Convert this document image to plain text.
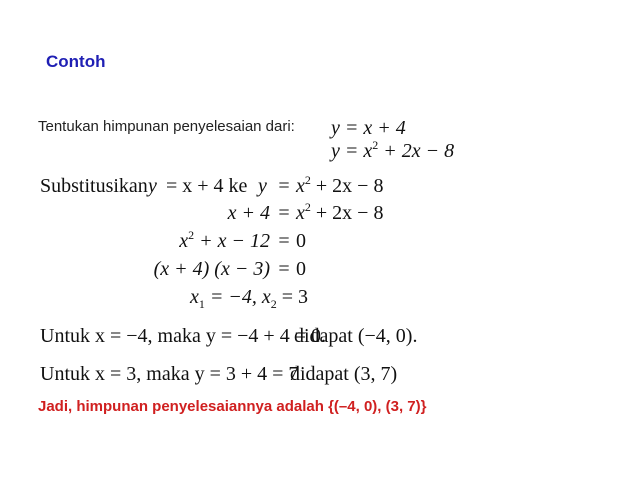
Contoh
Tentukan himpunan penyelesaian dari: y = x + 4
$y = x^2 + 2x - 8$
Substitusikan y = x + 4 ke $y = x^2 + 2x - 8$
$x + 4 = x^2 + 2x - 8$
$x^2 + x - 12 = 0$
(x + 4) (x − 3) = 0
$x_1 = -4$, $x_2 = 3$
Untuk x = −4, maka y = −4 + 4 = 0.
didapat (−4, 0).
Untuk x = 3, maka y = 3 + 4 = 7
didapat (3, 7)
Jadi, himpunan penyelesaiannya adalah {(–4, 0), (3, 7)}
